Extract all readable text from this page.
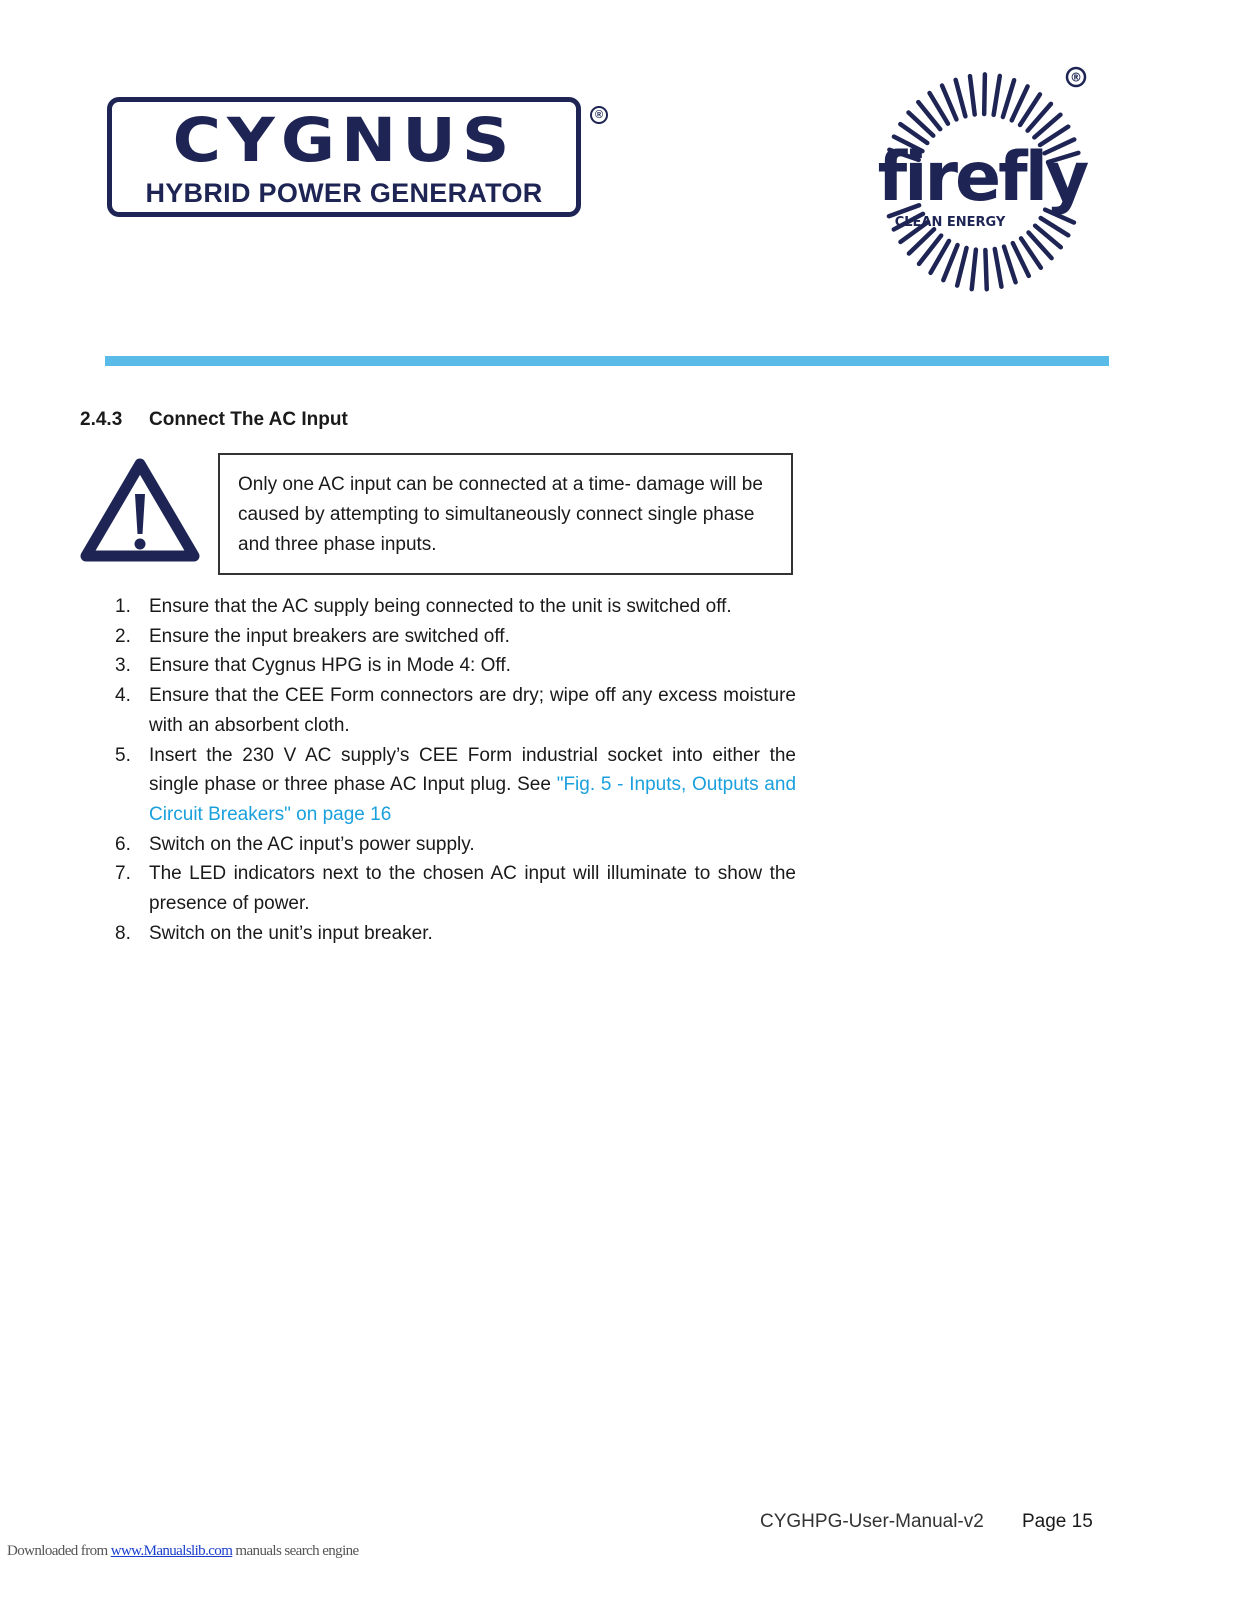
CYGNUS
HYBRID POWER GENERATOR
®
®
firefly
CLEAN ENERGY
2.4.3 Connect The AC Input
Only one AC input can be connected at a time- damage will be caused by attempting to simultaneously connect single phase and three phase inputs.
1. Ensure that the AC supply being connected to the unit is switched off.
2. Ensure the input breakers are switched off.
3. Ensure that Cygnus HPG is in Mode 4: Off.
4. Ensure that the CEE Form connectors are dry; wipe off any excess moisture with an absorbent cloth.
5. Insert the 230 V AC supply’s CEE Form industrial socket into either the single phase or three phase AC Input plug. See "Fig. 5 - Inputs, Outputs and Circuit Breakers" on page 16
6. Switch on the AC input’s power supply.
7. The LED indicators next to the chosen AC input will illuminate to show the presence of power.
8. Switch on the unit’s input breaker.
CYGHPG-User-Manual-v2 Page 15
Downloaded from www.Manualslib.com manuals search engine
